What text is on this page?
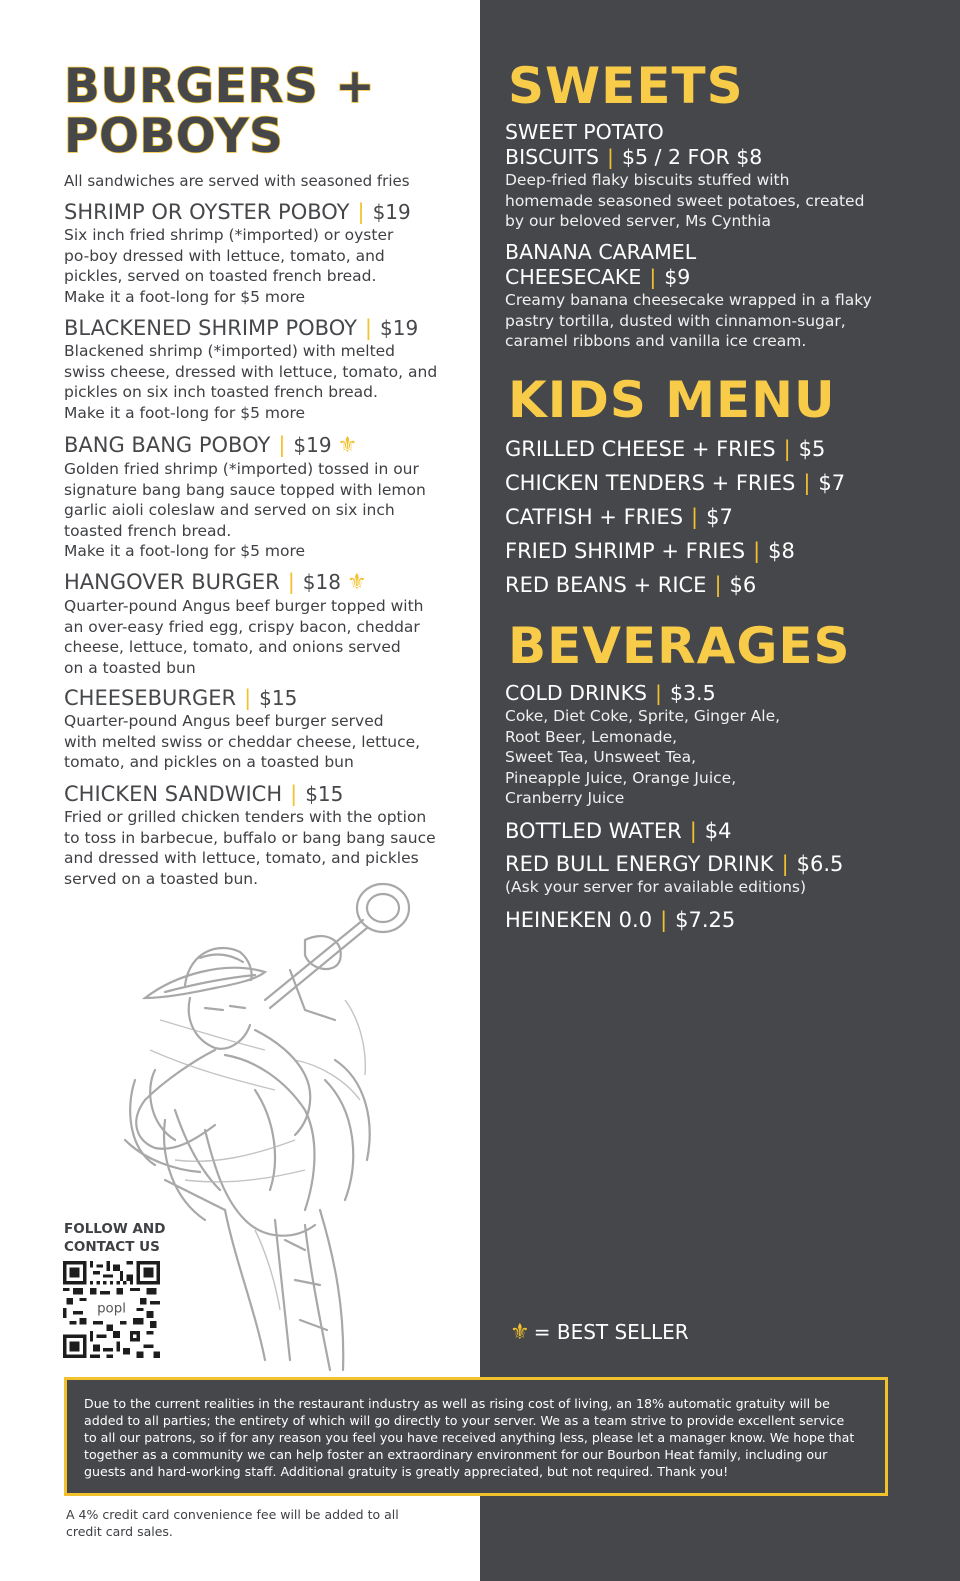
BURGERS +
POBOYS
All sandwiches are served with seasoned fries
SHRIMP OR OYSTER POBOY | $19
Six inch fried shrimp (*imported) or oyster
po-boy dressed with lettuce, tomato, and
pickles, served on toasted french bread.
Make it a foot-long for $5 more
BLACKENED SHRIMP POBOY | $19
Blackened shrimp (*imported) with melted
swiss cheese, dressed with lettuce, tomato, and
pickles on six inch toasted french bread.
Make it a foot-long for $5 more
BANG BANG POBOY | $19 ⚜
Golden fried shrimp (*imported) tossed in our
signature bang bang sauce topped with lemon
garlic aioli coleslaw and served on six inch
toasted french bread.
Make it a foot-long for $5 more
HANGOVER BURGER | $18 ⚜
Quarter-pound Angus beef burger topped with
an over-easy fried egg, crispy bacon, cheddar
cheese, lettuce, tomato, and onions served
on a toasted bun
CHEESEBURGER | $15
Quarter-pound Angus beef burger served
with melted swiss or cheddar cheese, lettuce,
tomato, and pickles on a toasted bun
CHICKEN SANDWICH | $15
Fried or grilled chicken tenders with the option
to toss in barbecue, buffalo or bang bang sauce
and dressed with lettuce, tomato, and pickles
served on a toasted bun.
FOLLOW AND
CONTACT US
popl
SWEETS
SWEET POTATO
BISCUITS | $5 / 2 FOR $8
Deep-fried flaky biscuits stuffed with
homemade seasoned sweet potatoes, created
by our beloved server, Ms Cynthia
BANANA CARAMEL
CHEESECAKE | $9
Creamy banana cheesecake wrapped in a flaky
pastry tortilla, dusted with cinnamon-sugar,
caramel ribbons and vanilla ice cream.
KIDS MENU
GRILLED CHEESE + FRIES | $5
CHICKEN TENDERS + FRIES | $7
CATFISH + FRIES | $7
FRIED SHRIMP + FRIES | $8
RED BEANS + RICE | $6
BEVERAGES
COLD DRINKS | $3.5
Coke, Diet Coke, Sprite, Ginger Ale,
Root Beer, Lemonade,
Sweet Tea, Unsweet Tea,
Pineapple Juice, Orange Juice,
Cranberry Juice
BOTTLED WATER | $4
RED BULL ENERGY DRINK | $6.5
(Ask your server for available editions)
HEINEKEN 0.0 | $7.25
⚜ = BEST SELLER
Due to the current realities in the restaurant industry as well as rising cost of living, an 18% automatic gratuity will be
added to all parties; the entirety of which will go directly to your server. We as a team strive to provide excellent service
to all our patrons, so if for any reason you feel you have received anything less, please let a manager know. We hope that
together as a community we can help foster an extraordinary environment for our Bourbon Heat family, including our
guests and hard-working staff. Additional gratuity is greatly appreciated, but not required. Thank you!
A 4% credit card convenience fee will be added to all
credit card sales.
